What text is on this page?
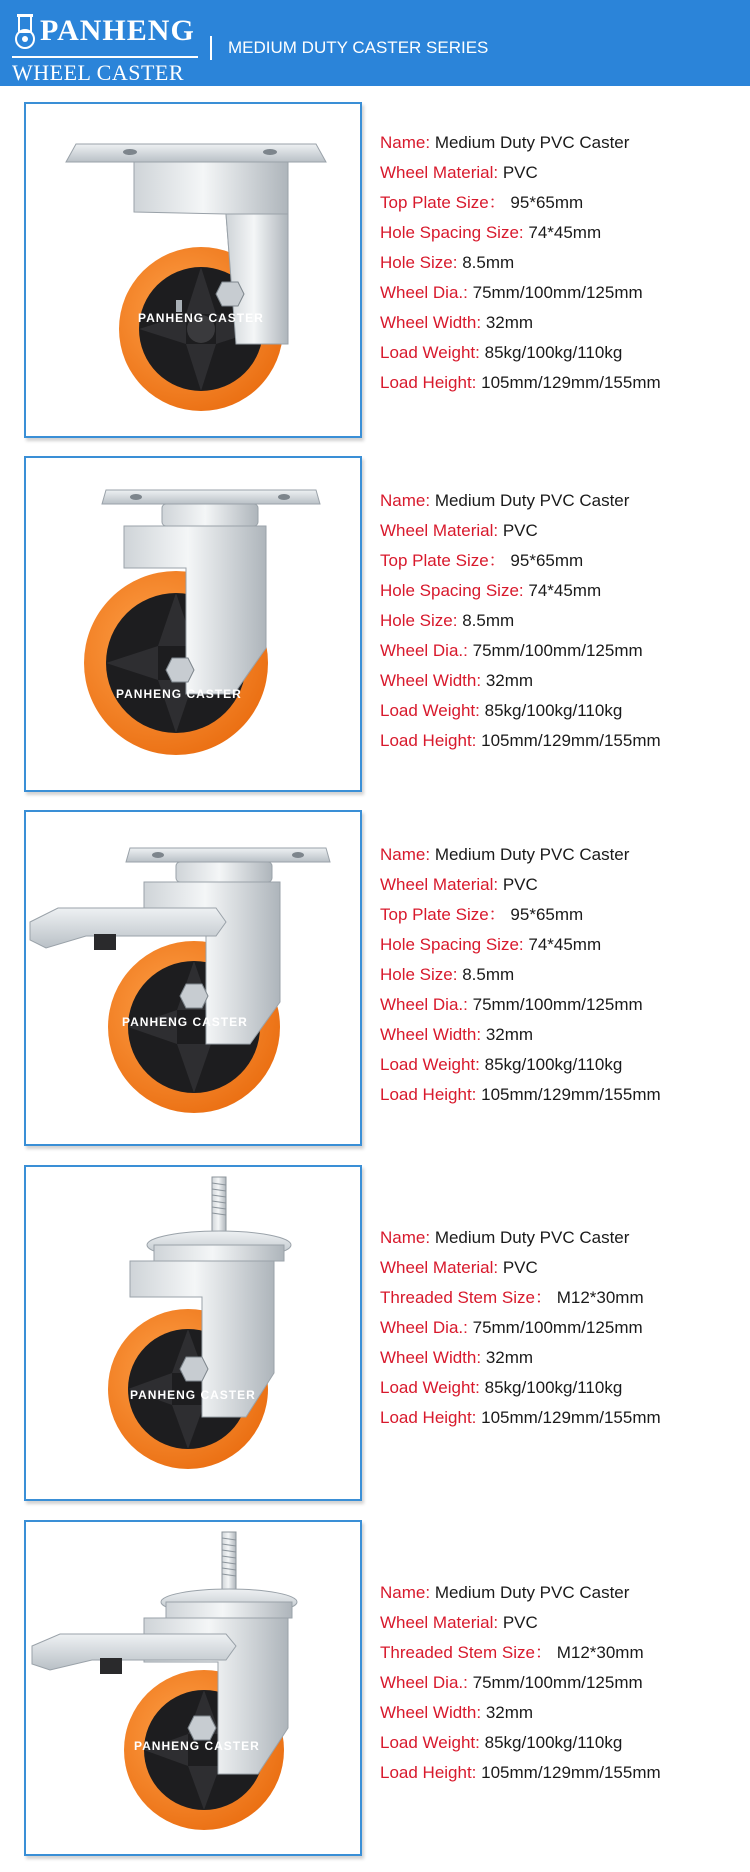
PANHENG
WHEEL CASTER
MEDIUM DUTY CASTER SERIES
PANHENG CASTER
Name: Medium Duty PVC Caster
Wheel Material: PVC
Top Plate Size： 95*65mm
Hole Spacing Size: 74*45mm
Hole Size: 8.5mm
Wheel Dia.: 75mm/100mm/125mm
Wheel Width: 32mm
Load Weight: 85kg/100kg/110kg
Load Height: 105mm/129mm/155mm
PANHENG CASTER
Name: Medium Duty PVC Caster
Wheel Material: PVC
Top Plate Size： 95*65mm
Hole Spacing Size: 74*45mm
Hole Size: 8.5mm
Wheel Dia.: 75mm/100mm/125mm
Wheel Width: 32mm
Load Weight: 85kg/100kg/110kg
Load Height: 105mm/129mm/155mm
PANHENG CASTER
Name: Medium Duty PVC Caster
Wheel Material: PVC
Top Plate Size： 95*65mm
Hole Spacing Size: 74*45mm
Hole Size: 8.5mm
Wheel Dia.: 75mm/100mm/125mm
Wheel Width: 32mm
Load Weight: 85kg/100kg/110kg
Load Height: 105mm/129mm/155mm
PANHENG CASTER
Name: Medium Duty PVC Caster
Wheel Material: PVC
Threaded Stem Size： M12*30mm
Wheel Dia.: 75mm/100mm/125mm
Wheel Width: 32mm
Load Weight: 85kg/100kg/110kg
Load Height: 105mm/129mm/155mm
PANHENG CASTER
Name: Medium Duty PVC Caster
Wheel Material: PVC
Threaded Stem Size： M12*30mm
Wheel Dia.: 75mm/100mm/125mm
Wheel Width: 32mm
Load Weight: 85kg/100kg/110kg
Load Height: 105mm/129mm/155mm
